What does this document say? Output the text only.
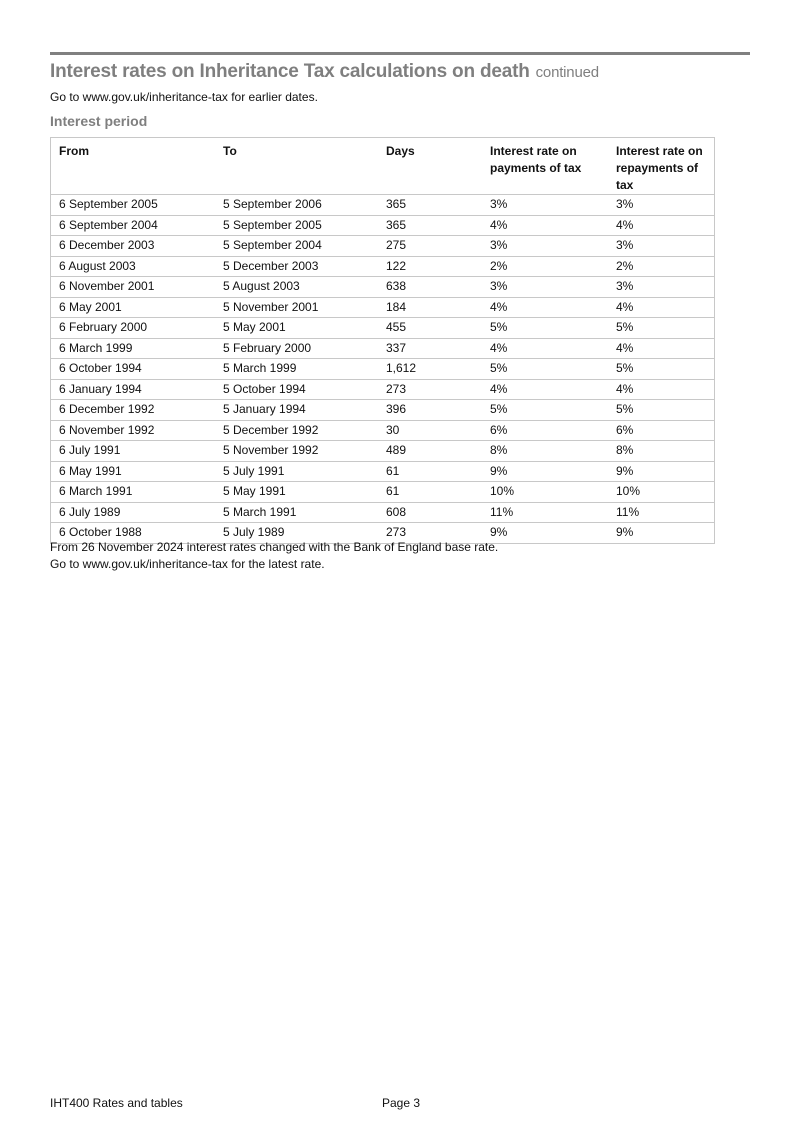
Interest rates on Inheritance Tax calculations on death continued
Go to www.gov.uk/inheritance-tax for earlier dates.
Interest period
From	To	Days	Interest rate on payments of tax	Interest rate on repayments of tax
6 September 2005	5 September 2006	365	3%	3%
6 September 2004	5 September 2005	365	4%	4%
6 December 2003	5 September 2004	275	3%	3%
6 August 2003	5 December 2003	122	2%	2%
6 November 2001	5 August 2003	638	3%	3%
6 May 2001	5 November 2001	184	4%	4%
6 February 2000	5 May 2001	455	5%	5%
6 March 1999	5 February 2000	337	4%	4%
6 October 1994	5 March 1999	1,612	5%	5%
6 January 1994	5 October 1994	273	4%	4%
6 December 1992	5 January 1994	396	5%	5%
6 November 1992	5 December 1992	30	6%	6%
6 July 1991	5 November 1992	489	8%	8%
6 May 1991	5 July 1991	61	9%	9%
6 March 1991	5 May 1991	61	10%	10%
6 July 1989	5 March 1991	608	11%	11%
6 October 1988	5 July 1989	273	9%	9%
From 26 November 2024 interest rates changed with the Bank of England base rate.
Go to www.gov.uk/inheritance-tax for the latest rate.
IHT400 Rates and tables	Page 3
